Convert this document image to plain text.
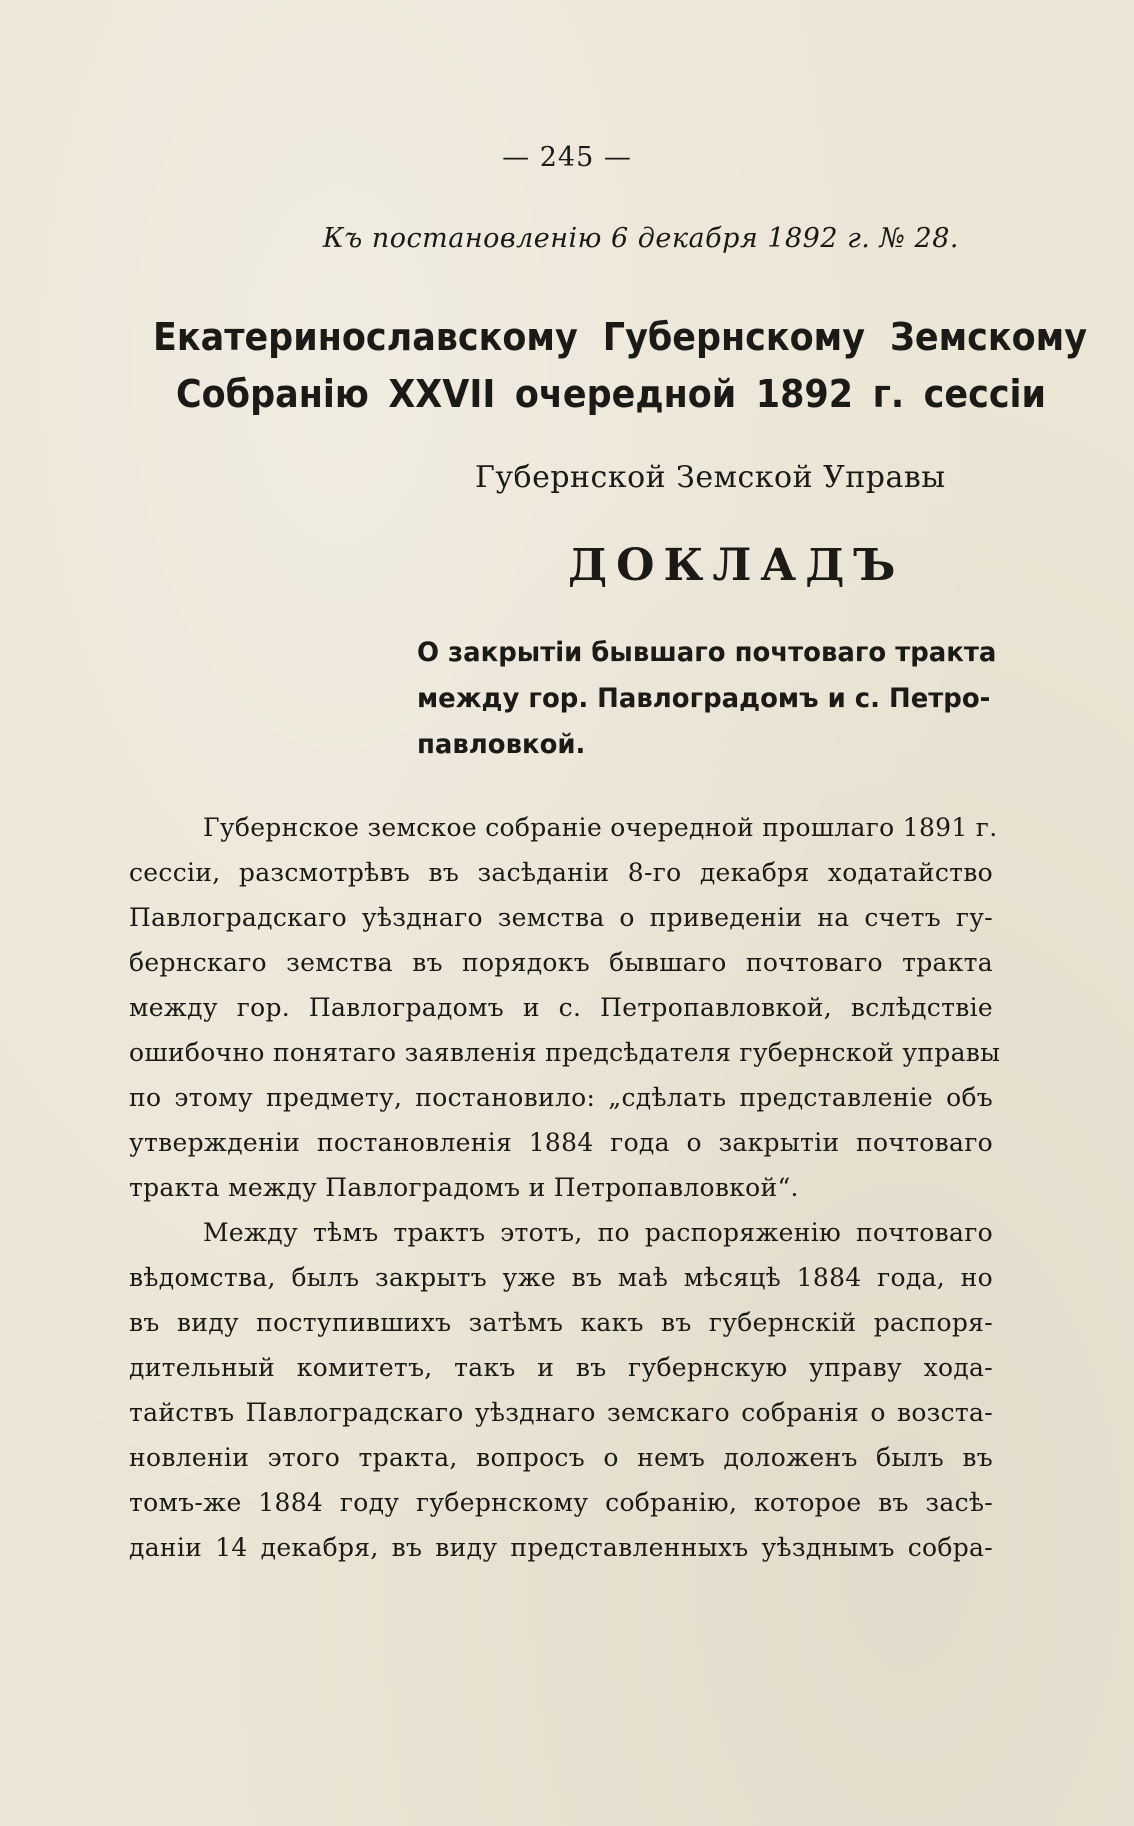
— 245 —
Къ постановленію 6 декабря 1892 г. № 28.
Екатеринославскому Губернскому Земскому
Собранію XXVII очередной 1892 г. сессіи
Губернской Земской Управы
ДОКЛАДЪ
О закрытіи бывшаго почтоваго тракта
между гор. Павлоградомъ и с. Петро-
павловкой.
Губернское земское собраніе очередной прошлаго 1891 г.
сессіи, разсмотрѣвъ въ засѣданіи 8-го декабря ходатайство
Павлоградскаго уѣзднаго земства о приведеніи на счетъ гу-
бернскаго земства въ порядокъ бывшаго почтоваго тракта
между гор. Павлоградомъ и с. Петропавловкой, вслѣдствіе
ошибочно понятаго заявленія предсѣдателя губернской управы
по этому предмету, постановило: „сдѣлать представленіе объ
утвержденіи постановленія 1884 года о закрытіи почтоваго
тракта между Павлоградомъ и Петропавловкой“.
Между тѣмъ трактъ этотъ, по распоряженію почтоваго
вѣдомства, былъ закрытъ уже въ маѣ мѣсяцѣ 1884 года, но
въ виду поступившихъ затѣмъ какъ въ губернскій распоря-
дительный комитетъ, такъ и въ губернскую управу хода-
тайствъ Павлоградскаго уѣзднаго земскаго собранія о возста-
новленіи этого тракта, вопросъ о немъ доложенъ былъ въ
томъ-же 1884 году губернскому собранію, которое въ засѣ-
даніи 14 декабря, въ виду представленныхъ уѣзднымъ собра-
